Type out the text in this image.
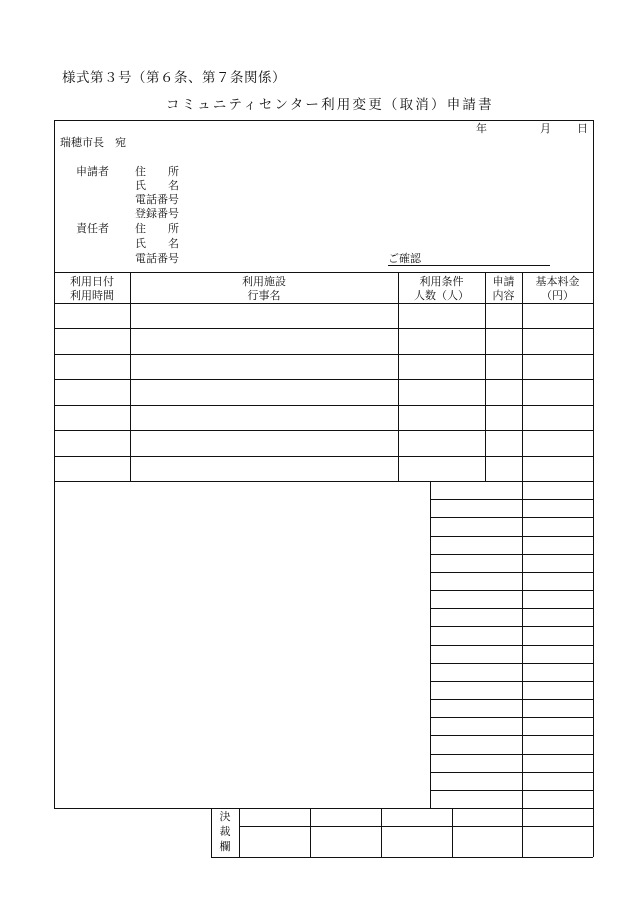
様式第３号（第６条、第７条関係）
コミュニティセンター利用変更（取消）申請書
年	月 日
瑞穂市長　宛
申請者 住　　所
氏　　名
電話番号
登録番号
責任者 住　　所
氏　　名
電話番号	ご確認
利用日付
利用時間
利用施設
行事名
利用条件
人数（人）
申請
内容
基本料金
（円）
決
裁
欄
